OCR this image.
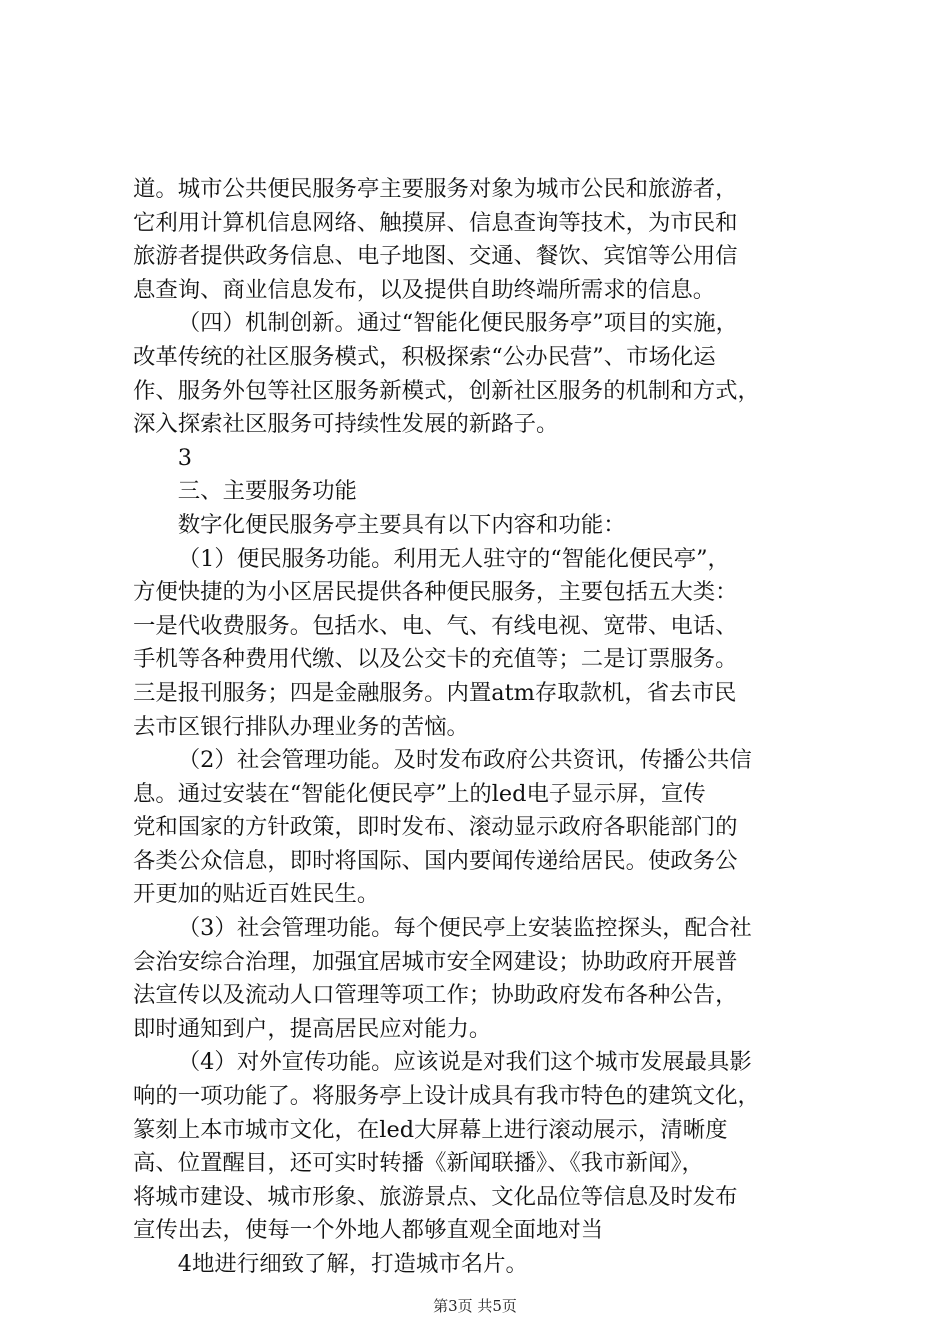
道。城市公共便民服务亭主要服务对象为城市公民和旅游者，
它利用计算机信息网络、触摸屏、信息查询等技术，为市民和
旅游者提供政务信息、电子地图、交通、餐饮、宾馆等公用信
息查询、商业信息发布，以及提供自助终端所需求的信息。
（四）机制创新。通过“智能化便民服务亭”项目的实施，
改革传统的社区服务模式，积极探索“公办民营”、市场化运
作、服务外包等社区服务新模式，创新社区服务的机制和方式，
深入探索社区服务可持续性发展的新路子。
3
三、主要服务功能
数字化便民服务亭主要具有以下内容和功能：
（1）便民服务功能。利用无人驻守的“智能化便民亭”，
方便快捷的为小区居民提供各种便民服务，主要包括五大类：
一是代收费服务。包括水、电、气、有线电视、宽带、电话、
手机等各种费用代缴、以及公交卡的充值等；二是订票服务。
三是报刊服务；四是金融服务。内置atm存取款机，省去市民
去市区银行排队办理业务的苦恼。
（2）社会管理功能。及时发布政府公共资讯，传播公共信
息。通过安装在“智能化便民亭”上的led电子显示屏，宣传
党和国家的方针政策，即时发布、滚动显示政府各职能部门的
各类公众信息，即时将国际、国内要闻传递给居民。使政务公
开更加的贴近百姓民生。
（3）社会管理功能。每个便民亭上安装监控探头，配合社
会治安综合治理，加强宜居城市安全网建设；协助政府开展普
法宣传以及流动人口管理等项工作；协助政府发布各种公告，
即时通知到户，提高居民应对能力。
（4）对外宣传功能。应该说是对我们这个城市发展最具影
响的一项功能了。将服务亭上设计成具有我市特色的建筑文化，
篆刻上本市城市文化，在led大屏幕上进行滚动展示，清晰度
高、位置醒目，还可实时转播《新闻联播》、《我市新闻》，
将城市建设、城市形象、旅游景点、文化品位等信息及时发布
宣传出去，使每一个外地人都够直观全面地对当
4地进行细致了解，打造城市名片。
第3页 共5页
